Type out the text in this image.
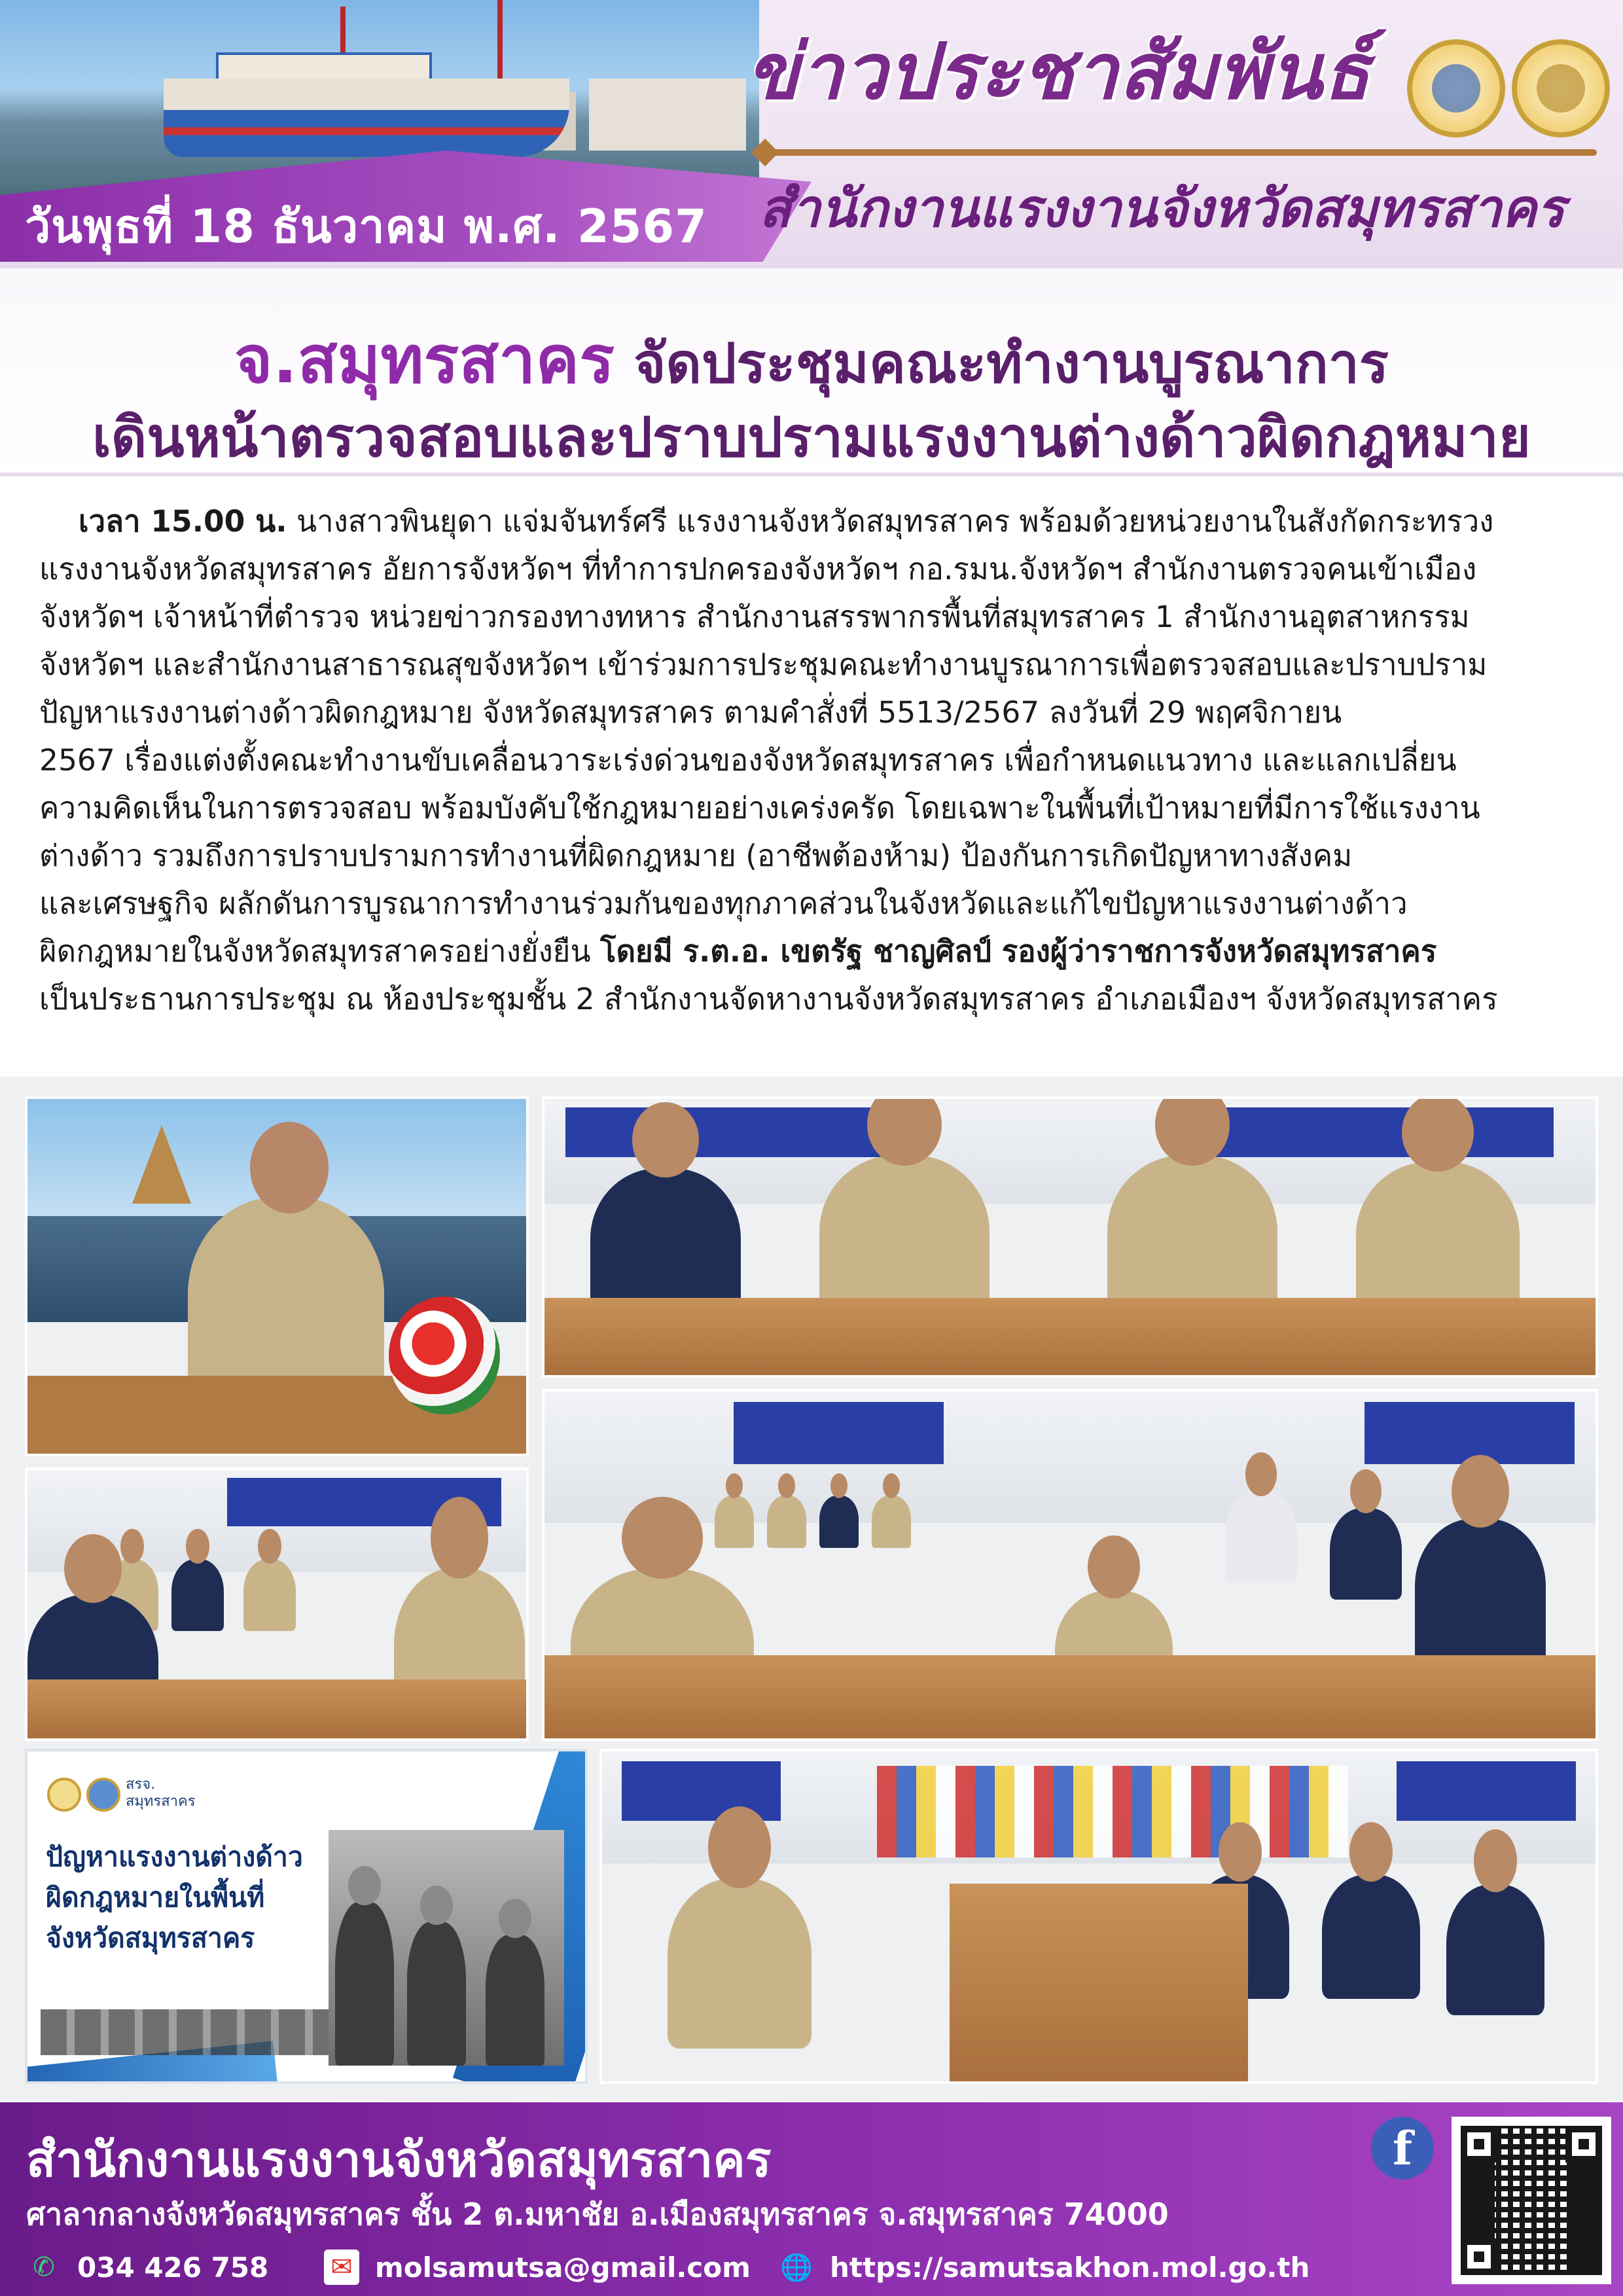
วันพุธที่ 18 ธันวาคม พ.ศ. 2567
ข่าวประชาสัมพันธ์
สำนักงานแรงงานจังหวัดสมุทรสาคร
จ.สมุทรสาคร จัดประชุมคณะทำงานบูรณาการ
เดินหน้าตรวจสอบและปราบปรามแรงงานต่างด้าวผิดกฎหมาย
เวลา 15.00 น. นางสาวพินยุดา แจ่มจันทร์ศรี แรงงานจังหวัดสมุทรสาคร พร้อมด้วยหน่วยงานในสังกัดกระทรวง
แรงงานจังหวัดสมุทรสาคร อัยการจังหวัดฯ ที่ทำการปกครองจังหวัดฯ กอ.รมน.จังหวัดฯ สำนักงานตรวจคนเข้าเมือง
จังหวัดฯ เจ้าหน้าที่ตำรวจ หน่วยข่าวกรองทางทหาร สำนักงานสรรพากรพื้นที่สมุทรสาคร 1 สำนักงานอุตสาหกรรม
จังหวัดฯ และสำนักงานสาธารณสุขจังหวัดฯ เข้าร่วมการประชุมคณะทำงานบูรณาการเพื่อตรวจสอบและปราบปราม
ปัญหาแรงงานต่างด้าวผิดกฎหมาย จังหวัดสมุทรสาคร ตามคำสั่งที่ 5513/2567 ลงวันที่ 29 พฤศจิกายน
2567 เรื่องแต่งตั้งคณะทำงานขับเคลื่อนวาระเร่งด่วนของจังหวัดสมุทรสาคร เพื่อกำหนดแนวทาง และแลกเปลี่ยน
ความคิดเห็นในการตรวจสอบ พร้อมบังคับใช้กฎหมายอย่างเคร่งครัด โดยเฉพาะในพื้นที่เป้าหมายที่มีการใช้แรงงาน
ต่างด้าว รวมถึงการปราบปรามการทำงานที่ผิดกฎหมาย (อาชีพต้องห้าม) ป้องกันการเกิดปัญหาทางสังคม
และเศรษฐกิจ ผลักดันการบูรณาการทำงานร่วมกันของทุกภาคส่วนในจังหวัดและแก้ไขปัญหาแรงงานต่างด้าว
ผิดกฎหมายในจังหวัดสมุทรสาครอย่างยั่งยืน โดยมี ร.ต.อ. เขตรัฐ ชาญศิลป์ รองผู้ว่าราชการจังหวัดสมุทรสาคร
เป็นประธานการประชุม ณ ห้องประชุมชั้น 2 สำนักงานจัดหางานจังหวัดสมุทรสาคร อำเภอเมืองฯ จังหวัดสมุทรสาคร
สรจ.
สมุทรสาคร
ปัญหาแรงงานต่างด้าว
ผิดกฎหมายในพื้นที่
จังหวัดสมุทรสาคร
สำนักงานแรงงานจังหวัดสมุทรสาคร
ศาลากลางจังหวัดสมุทรสาคร ชั้น 2 ต.มหาชัย อ.เมืองสมุทรสาคร จ.สมุทรสาคร 74000
✆ 034 426 758 ✉ molsamutsa@gmail.com 🌐 https://samutsakhon.mol.go.th
f
